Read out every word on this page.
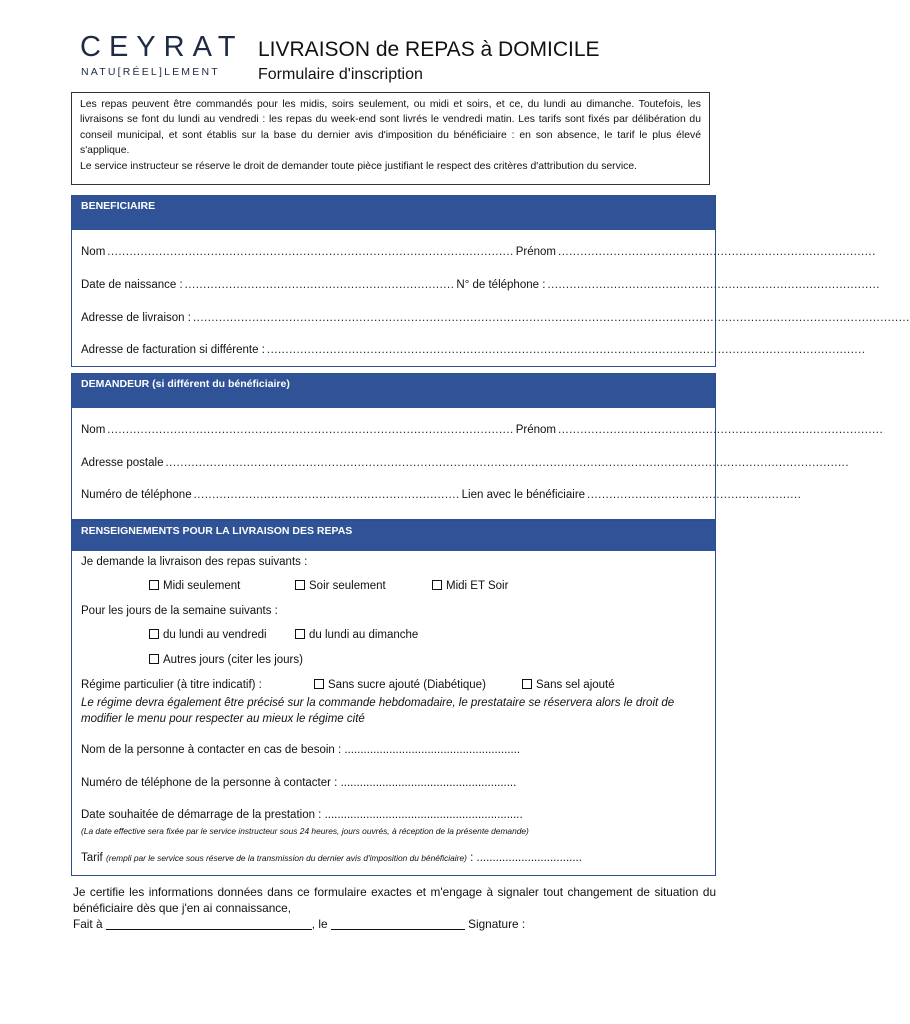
CEYRAT
NATU[RÉEL]LEMENT
LIVRAISON de REPAS à DOMICILE
Formulaire d'inscription

Les repas peuvent être commandés pour les midis, soirs seulement, ou midi et soirs, et ce, du lundi au dimanche. Toutefois, les livraisons se font du lundi au vendredi : les repas du week-end sont livrés le vendredi matin. Les tarifs sont fixés par délibération du conseil municipal, et sont établis sur la base du dernier avis d'imposition du bénéficiaire : en son absence, le tarif le plus élevé s'applique.

Le service instructeur se réserve le droit de demander toute pièce justifiant le respect des critères d'attribution du service.

BENEFICIAIRE
Nom .............................................................................................................. Prénom ......................................................................................
Date de naissance : ......................................................................... N° de téléphone : ..........................................................................................
Adresse de livraison : ..................................................................................................................................................................................................
Adresse de facturation si différente : ..................................................................................................................................................................
DEMANDEUR (si différent du bénéficiaire)
Nom .............................................................................................................. Prénom ........................................................................................
Adresse postale .........................................................................................................................................................................................
Numéro de téléphone ........................................................................ Lien avec le bénéficiaire ..........................................................
RENSEIGNEMENTS POUR LA LIVRAISON DES REPAS
Je demande la livraison des repas suivants :
Midi seulement	Soir seulement	Midi ET Soir
Pour les jours de la semaine suivants :
du lundi au vendredi	du lundi au dimanche
Autres jours (citer les jours)
Régime particulier (à titre indicatif) :	Sans sucre ajouté (Diabétique)	Sans sel ajouté
Le régime devra également être précisé sur la commande hebdomadaire, le prestataire se réservera alors le droit de modifier le menu pour respecter au mieux le régime cité
Nom de la personne à contacter en cas de besoin : .......................................................
Numéro de téléphone de la personne à contacter : .......................................................
Date souhaitée de démarrage de la prestation : ..............................................................
(La date effective sera fixée par le service instructeur sous 24 heures, jours ouvrés, à réception de la présente demande)
Tarif (rempli par le service sous réserve de la transmission du dernier avis d'imposition du bénéficiaire) : .................................

Je certifie les informations données dans ce formulaire exactes et m'engage à signaler tout changement de situation du bénéficiaire dès que j'en ai connaissance,

Fait à	, le	Signature :
